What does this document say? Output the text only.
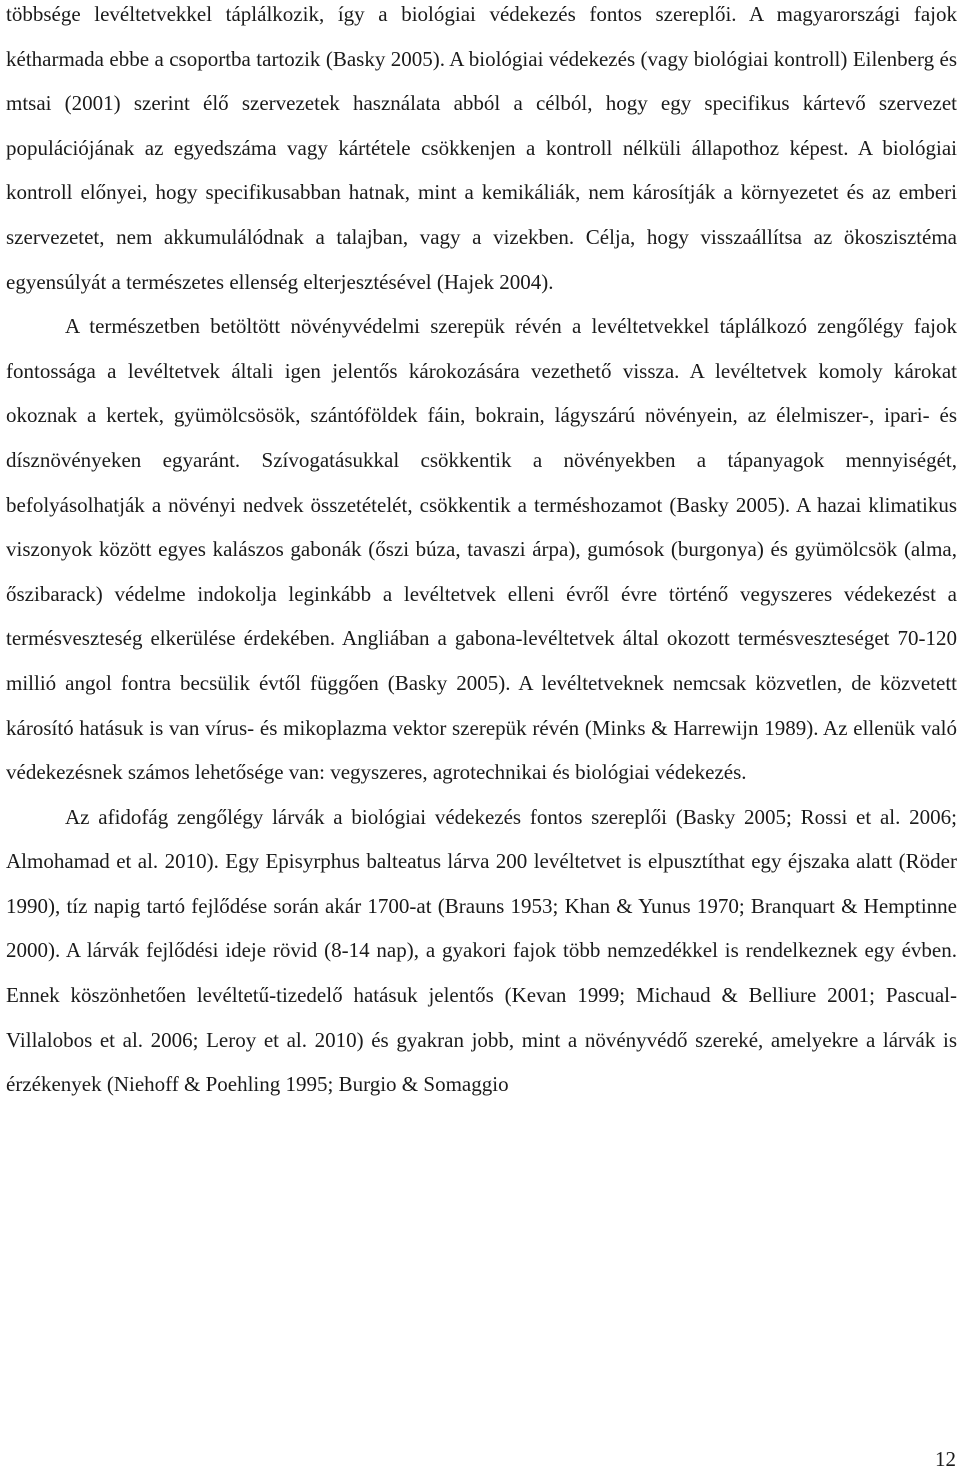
többsége levéltetvekkel táplálkozik, így a biológiai védekezés fontos szereplői. A magyarországi fajok kétharmada ebbe a csoportba tartozik (Basky 2005). A biológiai védekezés (vagy biológiai kontroll) Eilenberg és mtsai (2001) szerint élő szervezetek használata abból a célból, hogy egy specifikus kártevő szervezet populációjának az egyedszáma vagy kártétele csökkenjen a kontroll nélküli állapothoz képest. A biológiai kontroll előnyei, hogy specifikusabban hatnak, mint a kemikáliák, nem károsítják a környezetet és az emberi szervezetet, nem akkumulálódnak a talajban, vagy a vizekben. Célja, hogy visszaállítsa az ökoszisztéma egyensúlyát a természetes ellenség elterjesztésével (Hajek 2004).

A természetben betöltött növényvédelmi szerepük révén a levéltetvekkel táplálkozó zengőlégy fajok fontossága a levéltetvek általi igen jelentős károkozására vezethető vissza. A levéltetvek komoly károkat okoznak a kertek, gyümölcsösök, szántóföldek fáin, bokrain, lágyszárú növényein, az élelmiszer-, ipari- és dísznövényeken egyaránt. Szívogatásukkal csökkentik a növényekben a tápanyagok mennyiségét, befolyásolhatják a növényi nedvek összetételét, csökkentik a terméshozamot (Basky 2005). A hazai klimatikus viszonyok között egyes kalászos gabonák (őszi búza, tavaszi árpa), gumósok (burgonya) és gyümölcsök (alma, őszibarack) védelme indokolja leginkább a levéltetvek elleni évről évre történő vegyszeres védekezést a termésveszteség elkerülése érdekében. Angliában a gabona-levéltetvek által okozott termésveszteséget 70-120 millió angol fontra becsülik évtől függően (Basky 2005). A levéltetveknek nemcsak közvetlen, de közvetett károsító hatásuk is van vírus- és mikoplazma vektor szerepük révén (Minks & Harrewijn 1989). Az ellenük való védekezésnek számos lehetősége van: vegyszeres, agrotechnikai és biológiai védekezés.

Az afidofág zengőlégy lárvák a biológiai védekezés fontos szereplői (Basky 2005; Rossi et al. 2006; Almohamad et al. 2010). Egy Episyrphus balteatus lárva 200 levéltetvet is elpusztíthat egy éjszaka alatt (Röder 1990), tíz napig tartó fejlődése során akár 1700-at (Brauns 1953; Khan & Yunus 1970; Branquart & Hemptinne 2000). A lárvák fejlődési ideje rövid (8-14 nap), a gyakori fajok több nemzedékkel is rendelkeznek egy évben. Ennek köszönhetően levéltetű-tizedelő hatásuk jelentős (Kevan 1999; Michaud & Belliure 2001; Pascual-Villalobos et al. 2006; Leroy et al. 2010) és gyakran jobb, mint a növényvédő szereké, amelyekre a lárvák is érzékenyek (Niehoff & Poehling 1995; Burgio & Somaggio

12
